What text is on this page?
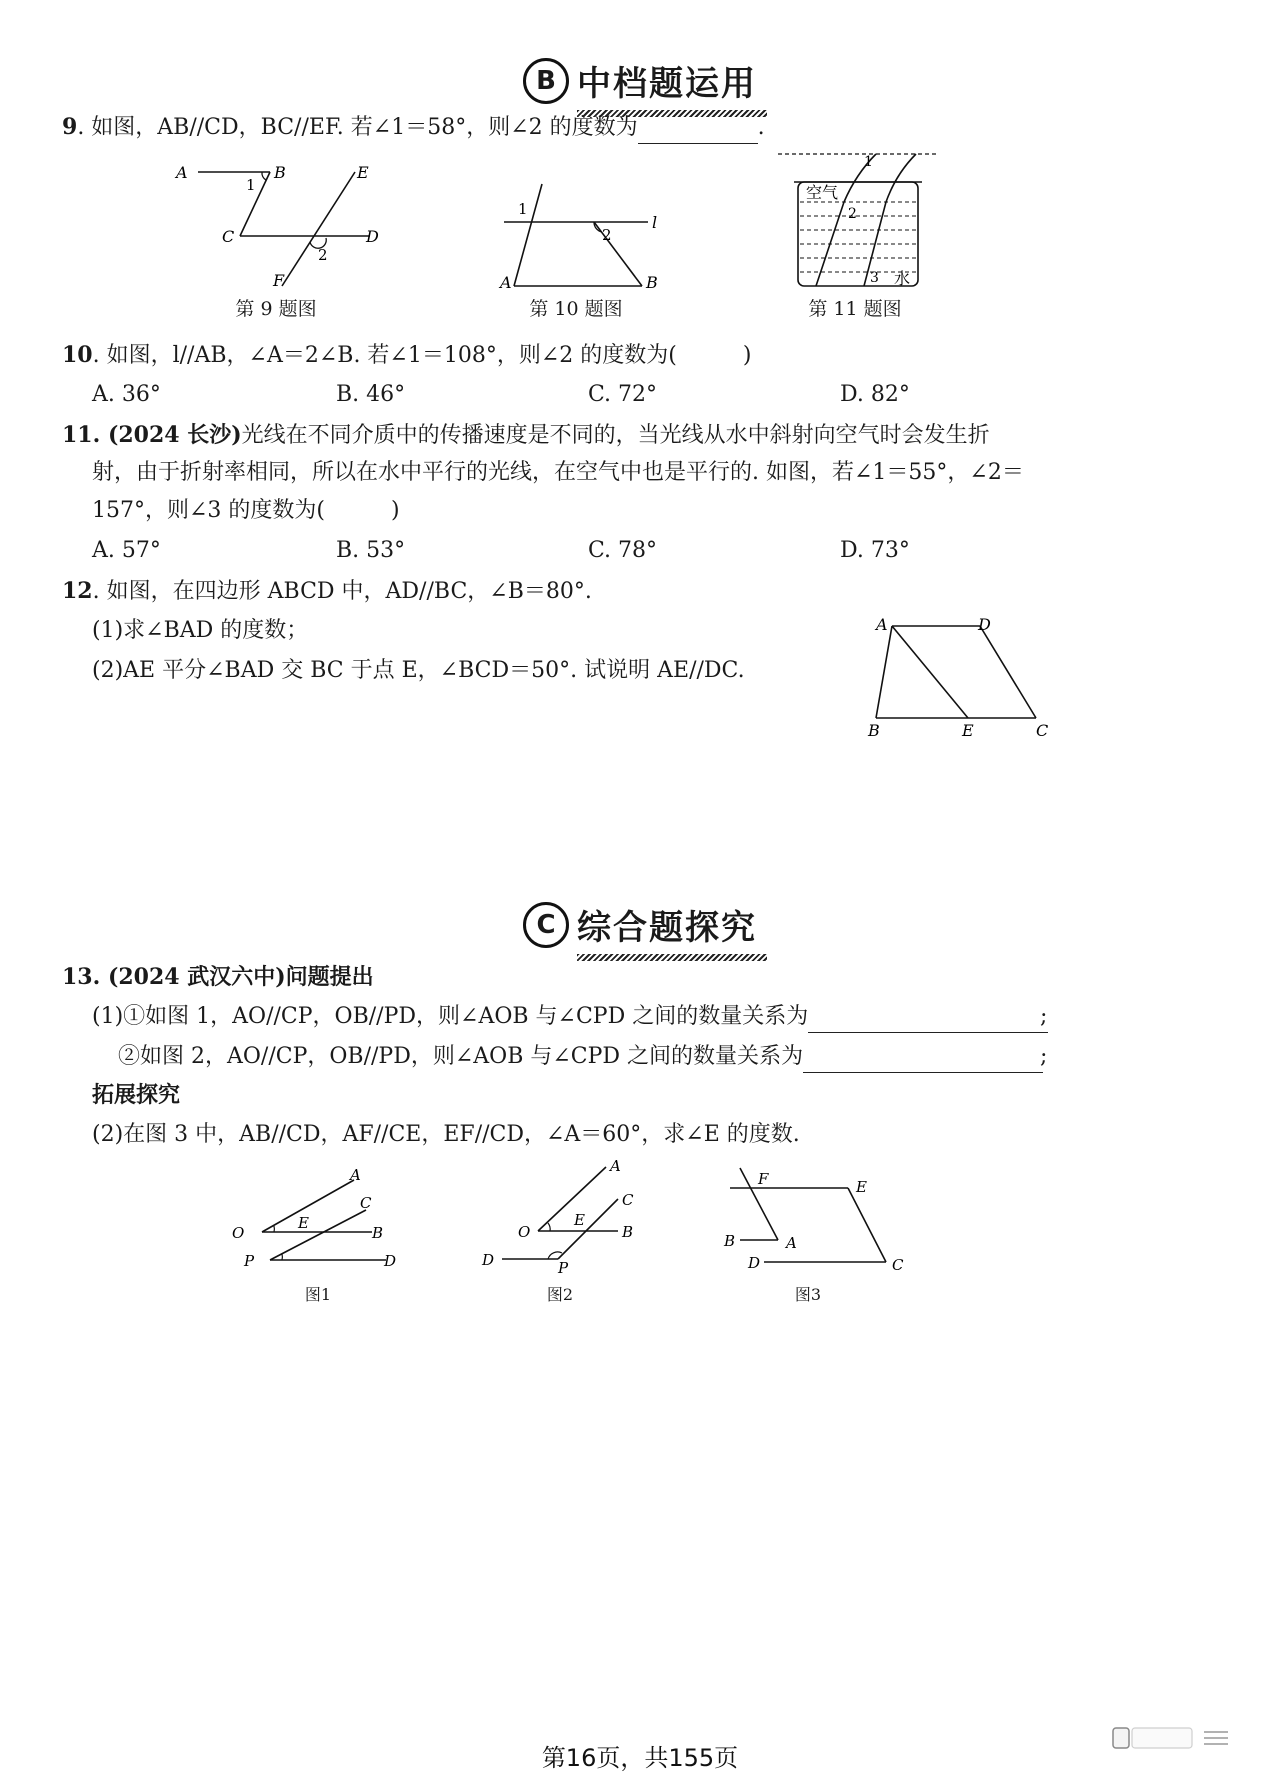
B 中档题运用
9. 如图，AB//CD，BC//EF. 若∠1＝58°，则∠2 的度数为	.
A	B
1
C	D
E
F
2
第 9 题图
1
2
l
A	B
第 10 题图
空气
水
1
2
3
第 11 题图
10. 如图，l//AB，∠A＝2∠B. 若∠1＝108°，则∠2 的度数为(　　　)
A. 36°	B. 46°	C. 72°	D. 82°
11. (2024 长沙)光线在不同介质中的传播速度是不同的，当光线从水中斜射向空气时会发生折
射，由于折射率相同，所以在水中平行的光线，在空气中也是平行的. 如图，若∠1＝55°，∠2＝
157°，则∠3 的度数为(　　　)
A. 57°	B. 53°	C. 78°	D. 73°
12. 如图，在四边形 ABCD 中，AD//BC，∠B＝80°.
(1)求∠BAD 的度数；
(2)AE 平分∠BAD 交 BC 于点 E，∠BCD＝50°. 试说明 AE//DC.
A	D
B	E	C
C 综合题探究
13. (2024 武汉六中)问题提出
(1)①如图 1，AO//CP，OB//PD，则∠AOB 与∠CPD 之间的数量关系为	;
②如图 2，AO//CP，OB//PD，则∠AOB 与∠CPD 之间的数量关系为	;
拓展探究
(2)在图 3 中，AB//CD，AF//CE，EF//CD，∠A＝60°，求∠E 的度数.
A
C
O
E
B
P	D
图1
A
C
O
E
B
D	P
图2
F	E
B	A
D	C
图3
第16页，共155页
